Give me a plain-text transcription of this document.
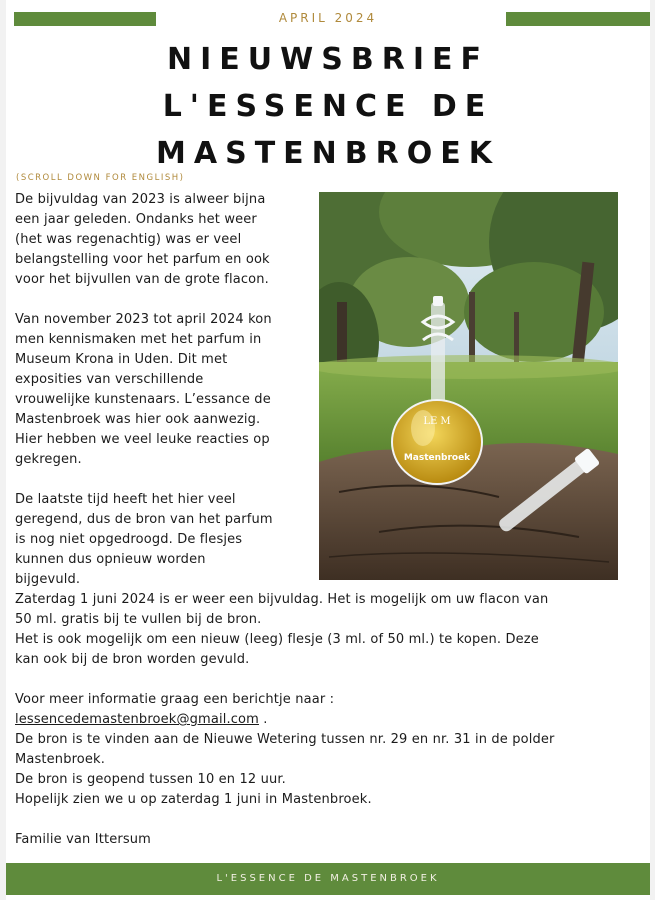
APRIL 2024
NIEUWSBRIEF
L'ESSENCE DE
MASTENBROEK
(SCROLL DOWN FOR ENGLISH)

De bijvuldag van 2023 is alweer bijna
een jaar geleden. Ondanks het weer
(het was regenachtig) was er veel
belangstelling voor het parfum en ook
voor het bijvullen van de grote flacon.

Van november 2023 tot april 2024 kon
men kennismaken met het parfum in
Museum Krona in Uden. Dit met
exposities van verschillende
vrouwelijke kunstenaars. L’essance de
Mastenbroek was hier ook aanwezig.
Hier hebben we veel leuke reacties op
gekregen.

De laatste tijd heeft het hier veel
geregend, dus de bron van het parfum
is nog niet opgedroogd. De flesjes
kunnen dus opnieuw worden
bijgevuld.

LE M
Mastenbroek

Zaterdag 1 juni 2024 is er weer een bijvuldag. Het is mogelijk om uw flacon van

50 ml. gratis bij te vullen bij de bron.

Het is ook mogelijk om een nieuw (leeg) flesje (3 ml. of 50 ml.) te kopen. Deze

kan ook bij de bron worden gevuld.

Voor meer informatie graag een berichtje naar :

lessencedemastenbroek@gmail.com .

De bron is te vinden aan de Nieuwe Wetering tussen nr. 29 en nr. 31 in de polder

Mastenbroek.

De bron is geopend tussen 10 en 12 uur.

Hopelijk zien we u op zaterdag 1 juni in Mastenbroek.

Familie van Ittersum

L'ESSENCE DE MASTENBROEK
